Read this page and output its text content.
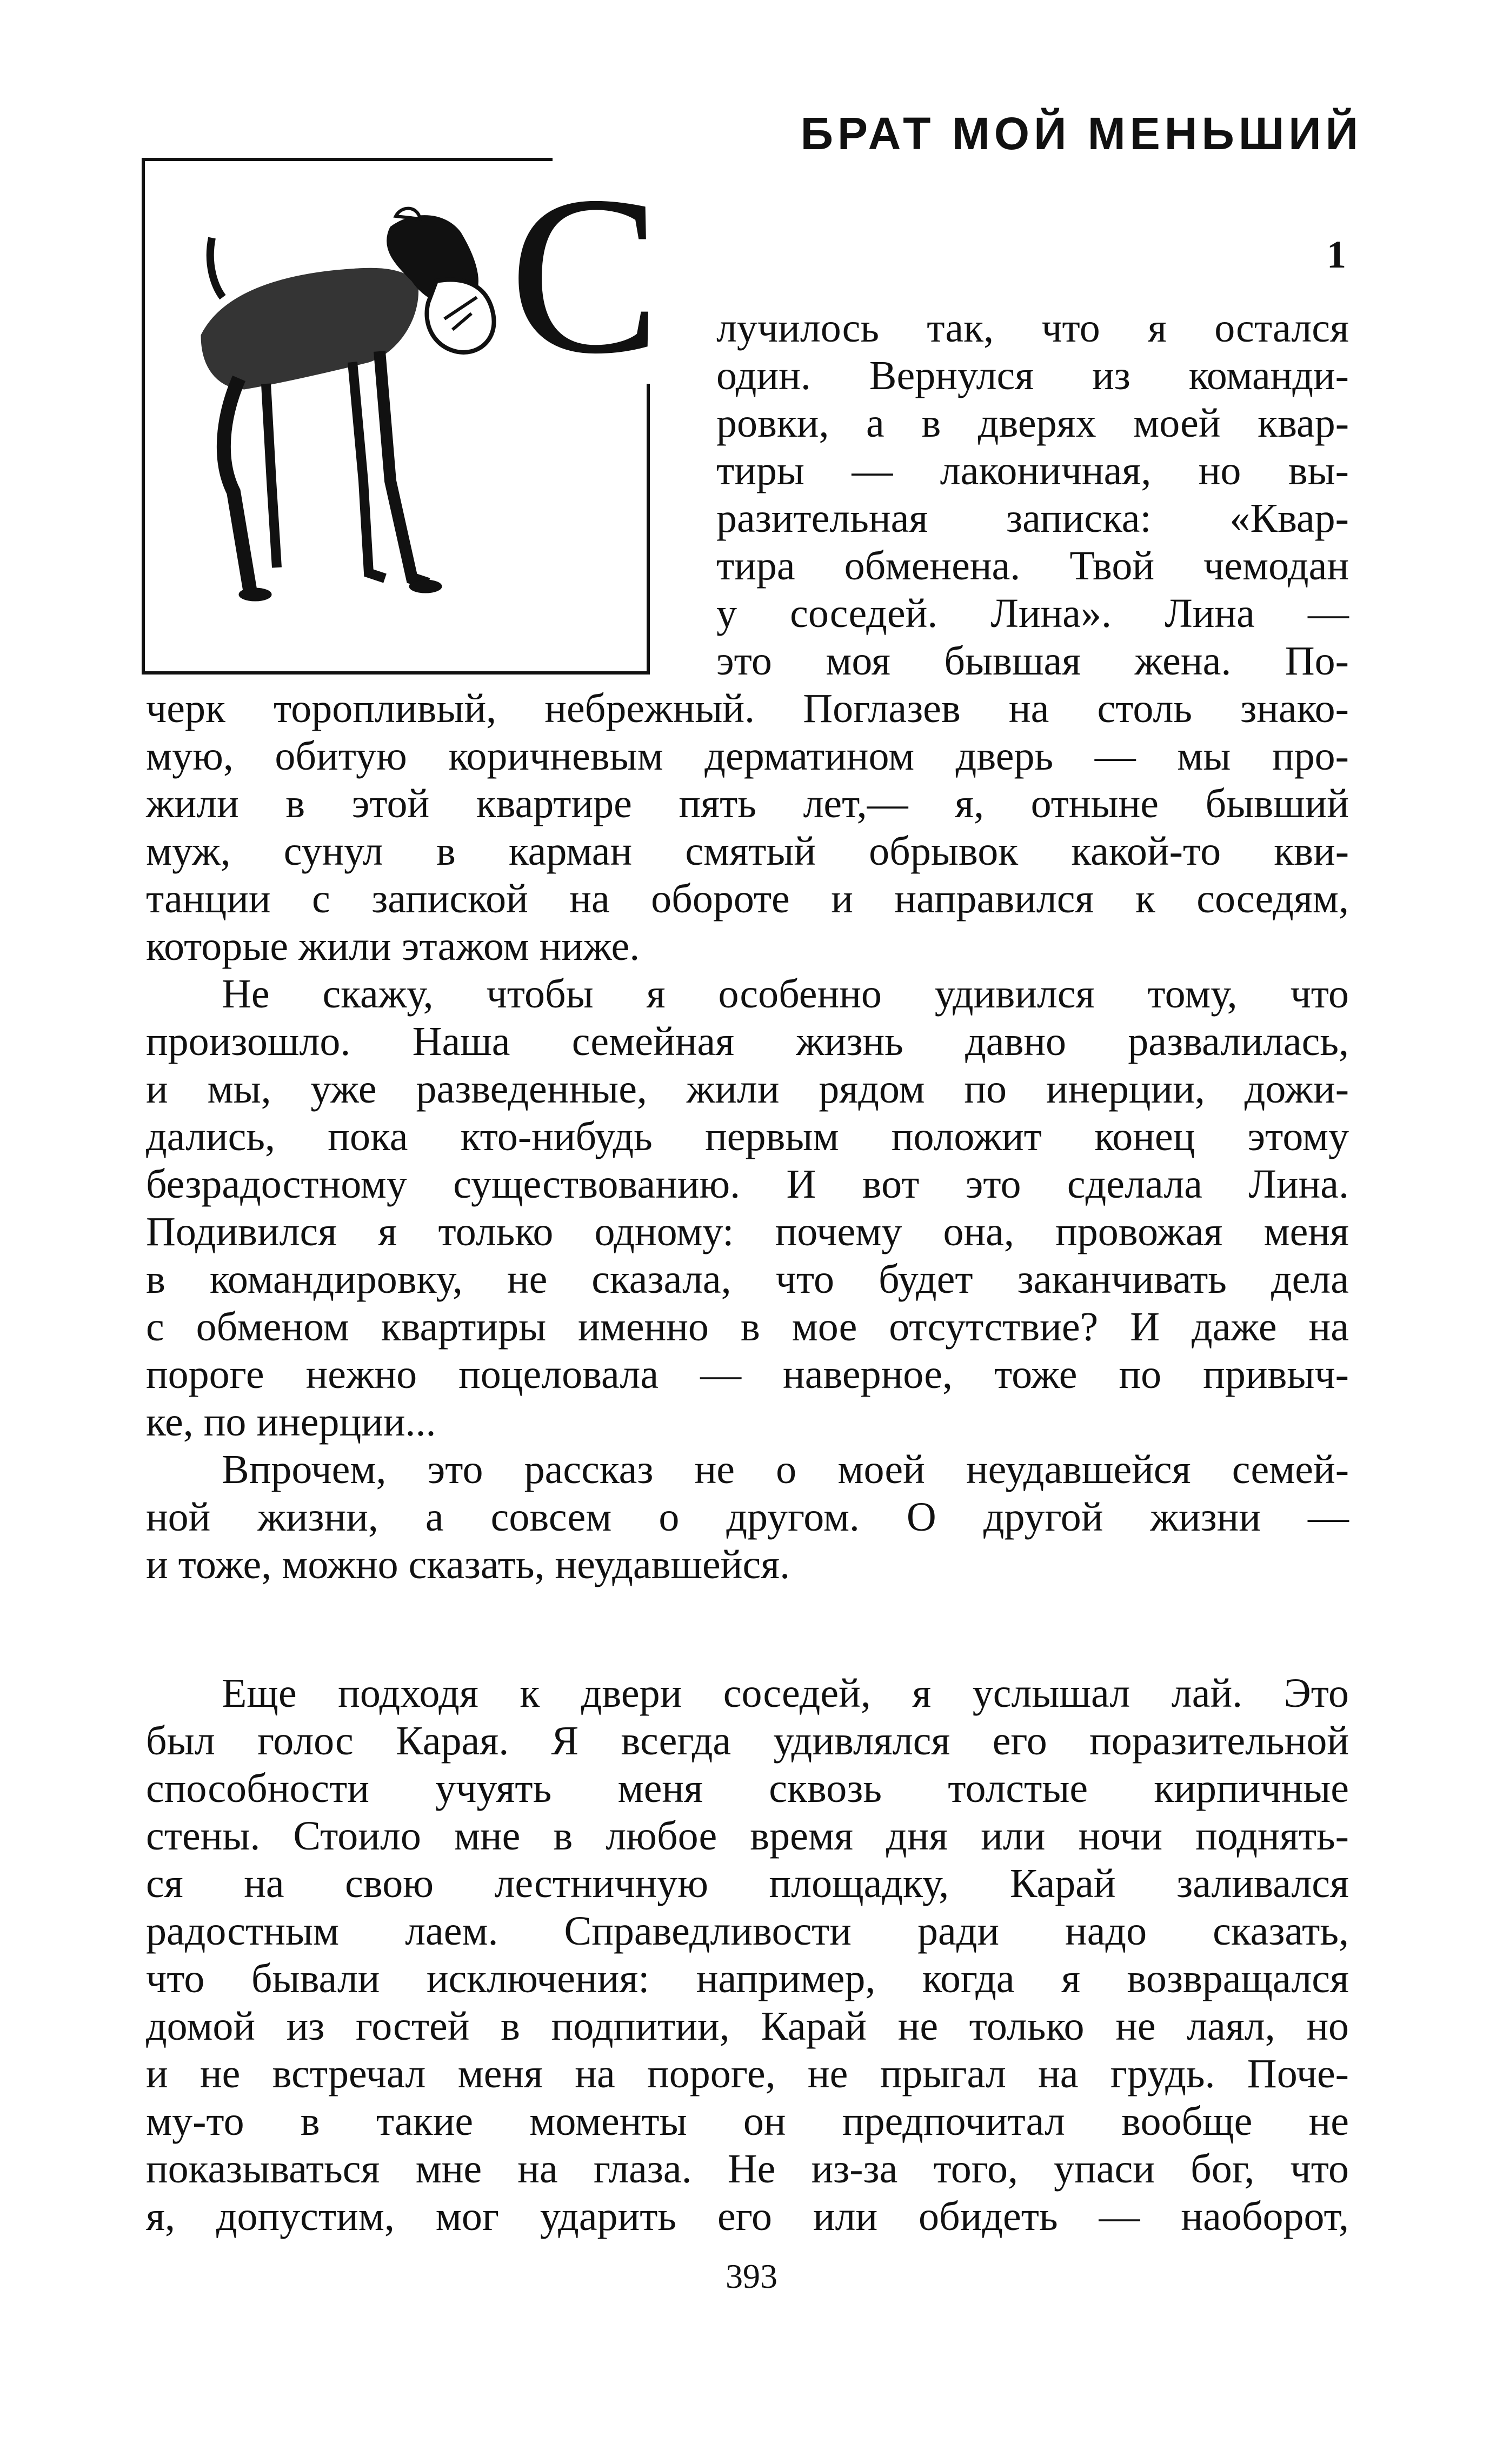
БРАТ МОЙ МЕНЬШИЙ
С	1
лучилось так, что я остался
один. Вернулся из команди-
ровки, а в дверях моей квар-
тиры — лаконичная, но вы-
разительная записка: «Квар-
тира обменена. Твой чемодан
у соседей. Лина». Лина —
это моя бывшая жена. По-
черк торопливый, небрежный. Поглазев на столь знако-
мую, обитую коричневым дерматином дверь — мы про-
жили в этой квартире пять лет,— я, отныне бывший
муж, сунул в карман смятый обрывок какой-то кви-
танции с запиской на обороте и направился к соседям,
которые жили этажом ниже.
Не скажу, чтобы я особенно удивился тому, что
произошло. Наша семейная жизнь давно развалилась,
и мы, уже разведенные, жили рядом по инерции, дожи-
дались, пока кто-нибудь первым положит конец этому
безрадостному существованию. И вот это сделала Лина.
Подивился я только одному: почему она, провожая меня
в командировку, не сказала, что будет заканчивать дела
с обменом квартиры именно в мое отсутствие? И даже на
пороге нежно поцеловала — наверное, тоже по привыч-
ке, по инерции...
Впрочем, это рассказ не о моей неудавшейся семей-
ной жизни, а совсем о другом. О другой жизни —
и тоже, можно сказать, неудавшейся.
Еще подходя к двери соседей, я услышал лай. Это
был голос Карая. Я всегда удивлялся его поразительной
способности учуять меня сквозь толстые кирпичные
стены. Стоило мне в любое время дня или ночи поднять-
ся на свою лестничную площадку, Карай заливался
радостным лаем. Справедливости ради надо сказать,
что бывали исключения: например, когда я возвращался
домой из гостей в подпитии, Карай не только не лаял, но
и не встречал меня на пороге, не прыгал на грудь. Поче-
му-то в такие моменты он предпочитал вообще не
показываться мне на глаза. Не из-за того, упаси бог, что
я, допустим, мог ударить его или обидеть — наоборот,
393
